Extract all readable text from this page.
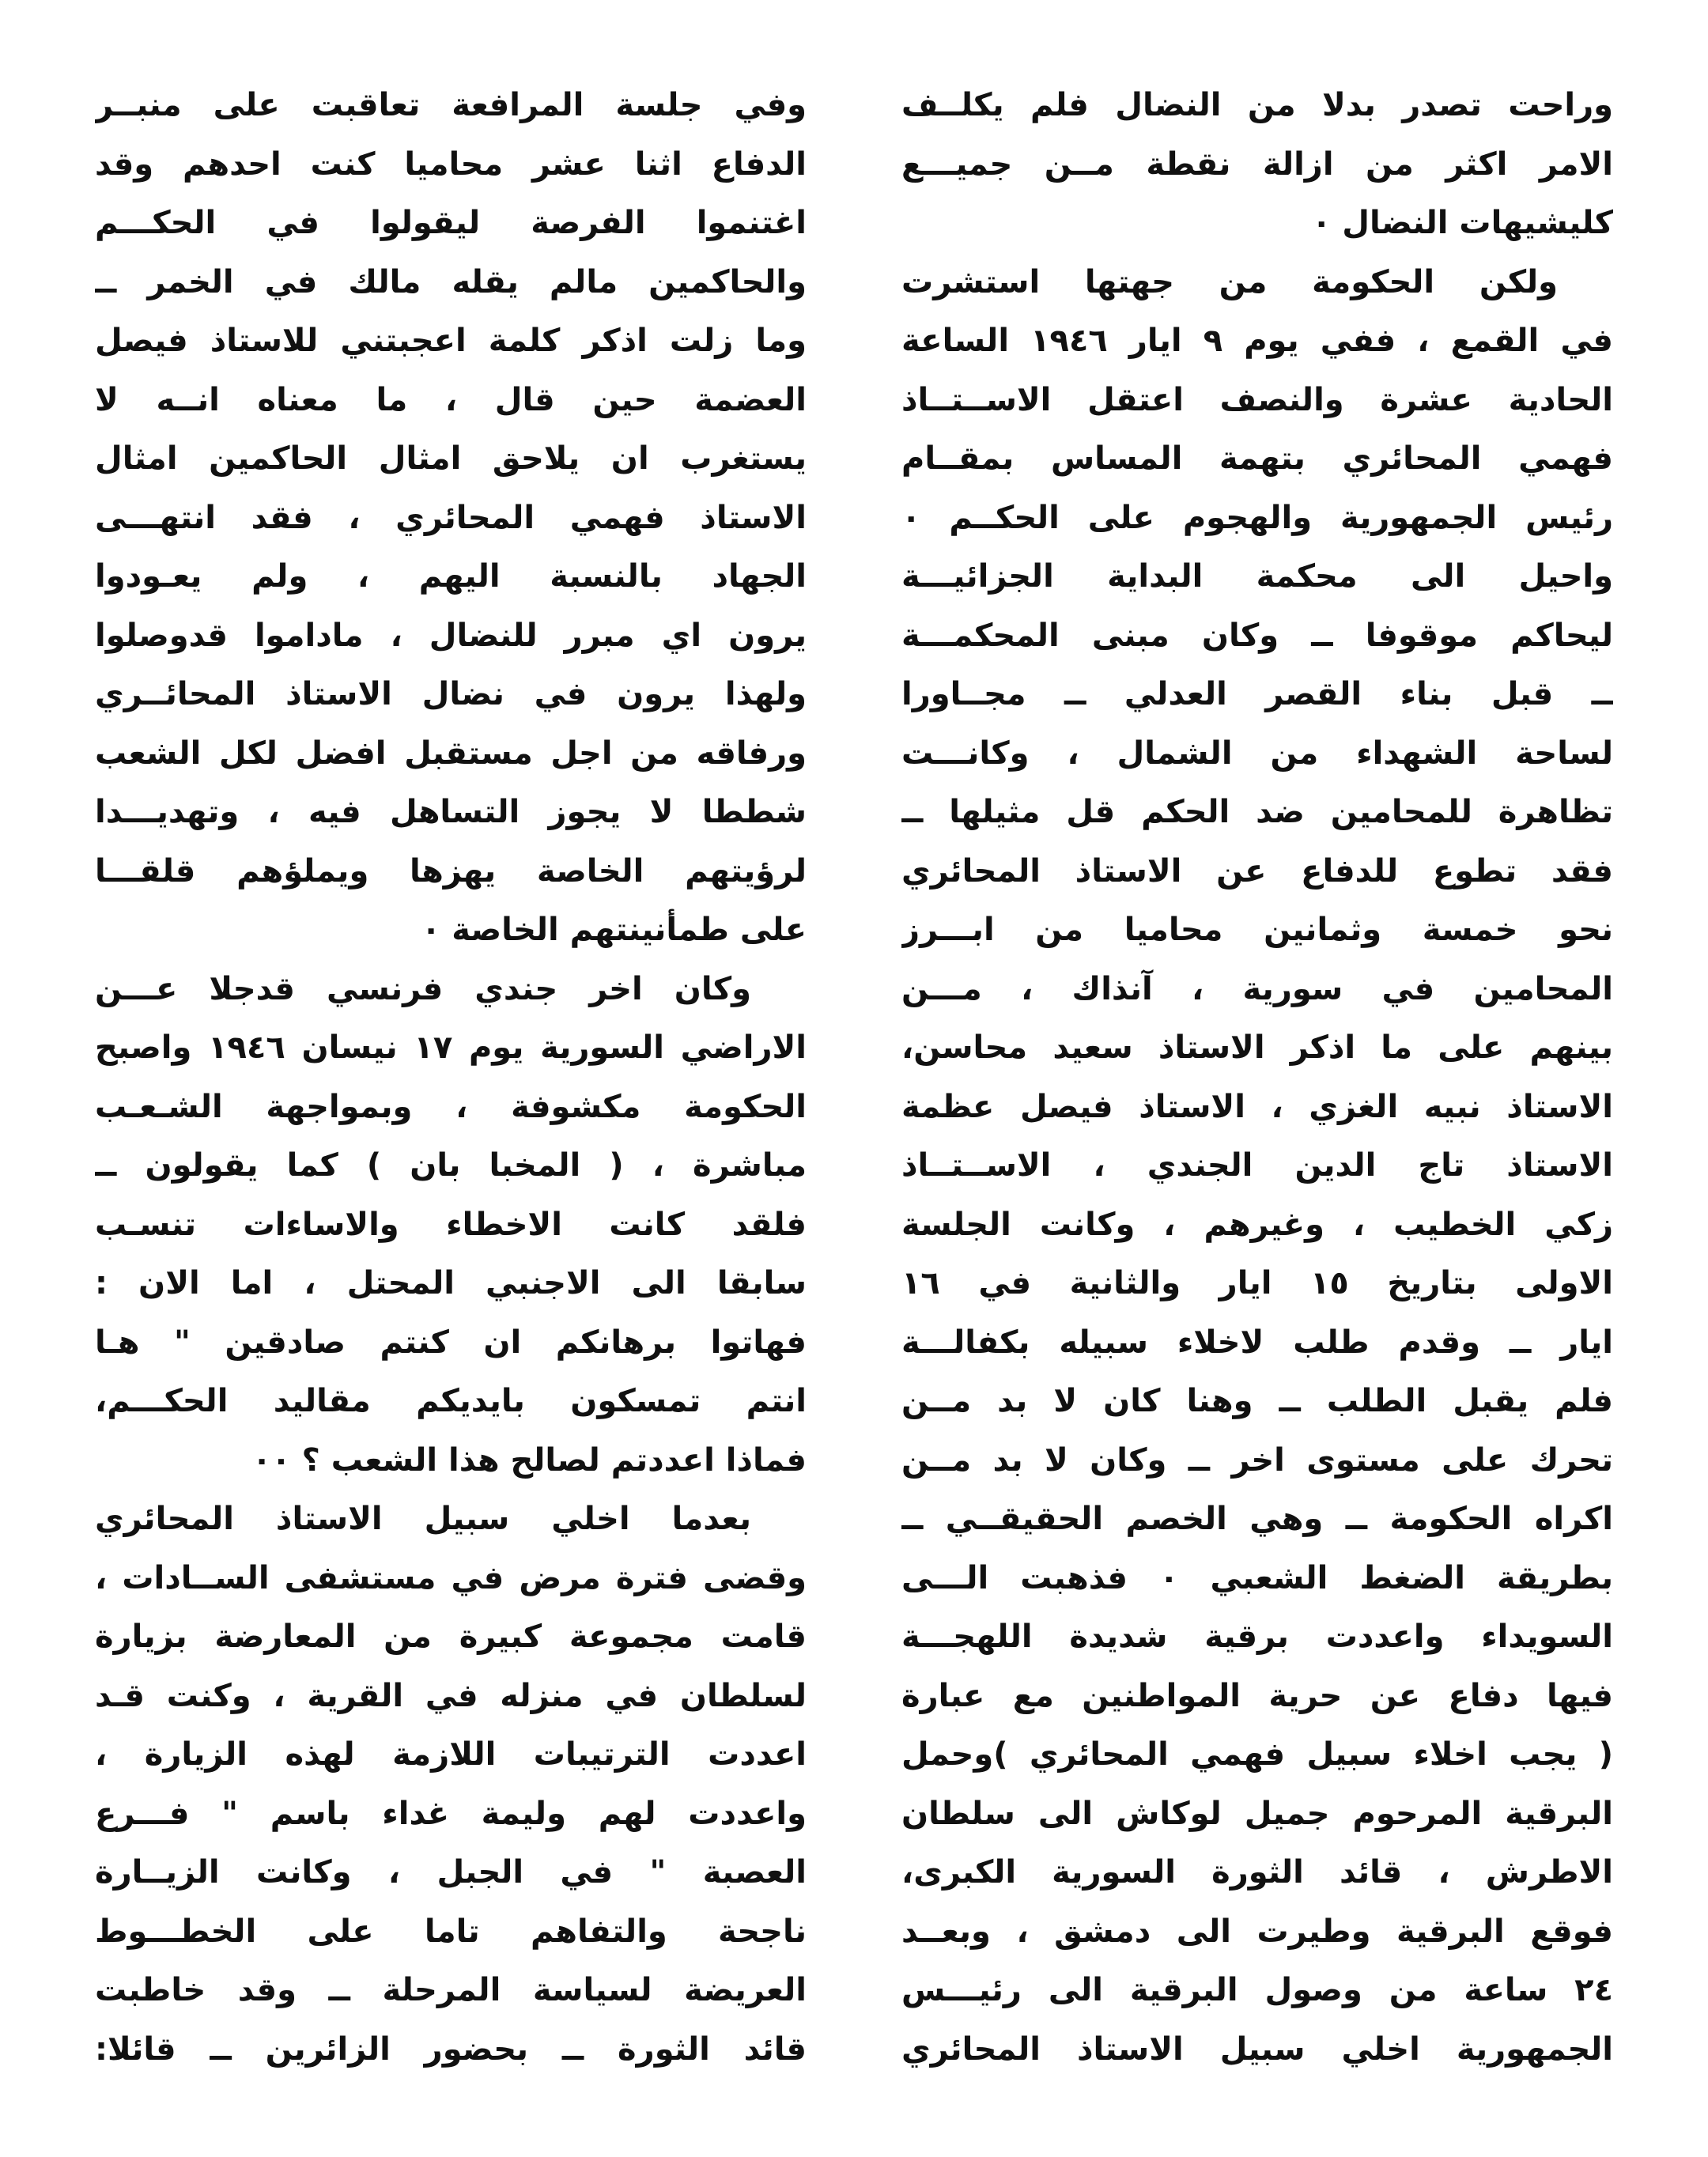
وراحت تصدر بدلا من النضال فلم يكلــف
الامر اكثر من ازالة نقطة مــن جميـــع
كليشيهات النضال ٠
ولكن الحكومة من جهتها استشرت
في القمع ، ففي يوم ٩ ايار ١٩٤٦ الساعة
الحادية عشرة والنصف اعتقل الاســتــاذ
فهمي المحائري بتهمة المساس بمقــام
رئيس الجمهورية والهجوم على الحكــم ٠
واحيل الى محكمة البداية الجزائيـــة
ليحاكم موقوفا ــ وكان مبنى المحكمـــة
ــ قبل بناء القصر العدلي ــ مجــاورا
لساحة الشهداء من الشمال ، وكانـــت
تظاهرة للمحامين ضد الحكم قل مثيلها ــ
فقد تطوع للدفاع عن الاستاذ المحائري
نحو خمسة وثمانين محاميا من ابـــرز
المحامين في سورية ، آنذاك ، مـــن
بينهم على ما اذكر الاستاذ سعيد محاسن،
الاستاذ نبيه الغزي ، الاستاذ فيصل عظمة
الاستاذ تاج الدين الجندي ، الاســتــاذ
زكي الخطيب ، وغيرهم ، وكانت الجلسة
الاولى بتاريخ ١٥ ايار والثانية في ١٦
ايار ــ وقدم طلب لاخلاء سبيله بكفالـــة
فلم يقبل الطلب ــ وهنا كان لا بد مــن
تحرك على مستوى اخر ــ وكان لا بد مــن
اكراه الحكومة ــ وهي الخصم الحقيقــي ــ
بطريقة الضغط الشعبي ٠ فذهبت الـــى
السويداء واعددت برقية شديدة اللهجـــة
فيها دفاع عن حرية المواطنين مع عبارة
( يجب اخلاء سبيل فهمي المحائري )وحمل
البرقية المرحوم جميل لوكاش الى سلطان
الاطرش ، قائد الثورة السورية الكبرى،
فوقع البرقية وطيرت الى دمشق ، وبعــد
٢٤ ساعة من وصول البرقية الى رئيـــس
الجمهورية اخلي سبيل الاستاذ المحائري
وفي جلسة المرافعة تعاقبت على منبــر
الدفاع اثنا عشر محاميا كنت احدهم وقد
اغتنموا الفرصة ليقولوا في الحكـــم
والحاكمين مالم يقله مالك في الخمر ــ
وما زلت اذكر كلمة اعجبتني للاستاذ فيصل
العضمة حين قال ، ما معناه انــه لا
يستغرب ان يلاحق امثال الحاكمين امثال
الاستاذ فهمي المحائري ، فقد انتهـــى
الجهاد بالنسبة اليهم ، ولم يعـودوا
يرون اي مبرر للنضال ، ماداموا قدوصلوا
ولهذا يرون في نضال الاستاذ المحائــري
ورفاقه من اجل مستقبل افضل لكل الشعب
شططا لا يجوز التساهل فيه ، وتهديـــدا
لرؤيتهم الخاصة يهزها ويملؤهم قلقـــا
على طمأنينتهم الخاصة ٠
وكان اخر جندي فرنسي قدجلا عـــن
الاراضي السورية يوم ١٧ نيسان ١٩٤٦ واصبح
الحكومة مكشوفة ، وبمواجهة الشـعـب
مباشرة ، ( المخبا بان ) كما يقولون ــ
فلقد كانت الاخطاء والاساءات تنسـب
سابقا الى الاجنبي المحتل ، اما الان :
فهاتوا برهانكم ان كنتم صادقين " هـا
انتم تمسكون بايديكم مقاليد الحكـــم،
فماذا اعددتم لصالح هذا الشعب ؟ ٠٠
بعدما اخلي سبيل الاستاذ المحائري
وقضى فترة مرض في مستشفى الســادات ،
قامت مجموعة كبيرة من المعارضة بزيارة
لسلطان في منزله في القرية ، وكنت قـد
اعددت الترتيبات اللازمة لهذه الزيارة ،
واعددت لهم وليمة غداء باسم " فـــرع
العصبة " في الجبل ، وكانت الزيــارة
ناجحة والتفاهم تاما على الخطـــوط
العريضة لسياسة المرحلة ــ وقد خاطبت
قائد الثورة ــ بحضور الزائرين ــ قائلا:
